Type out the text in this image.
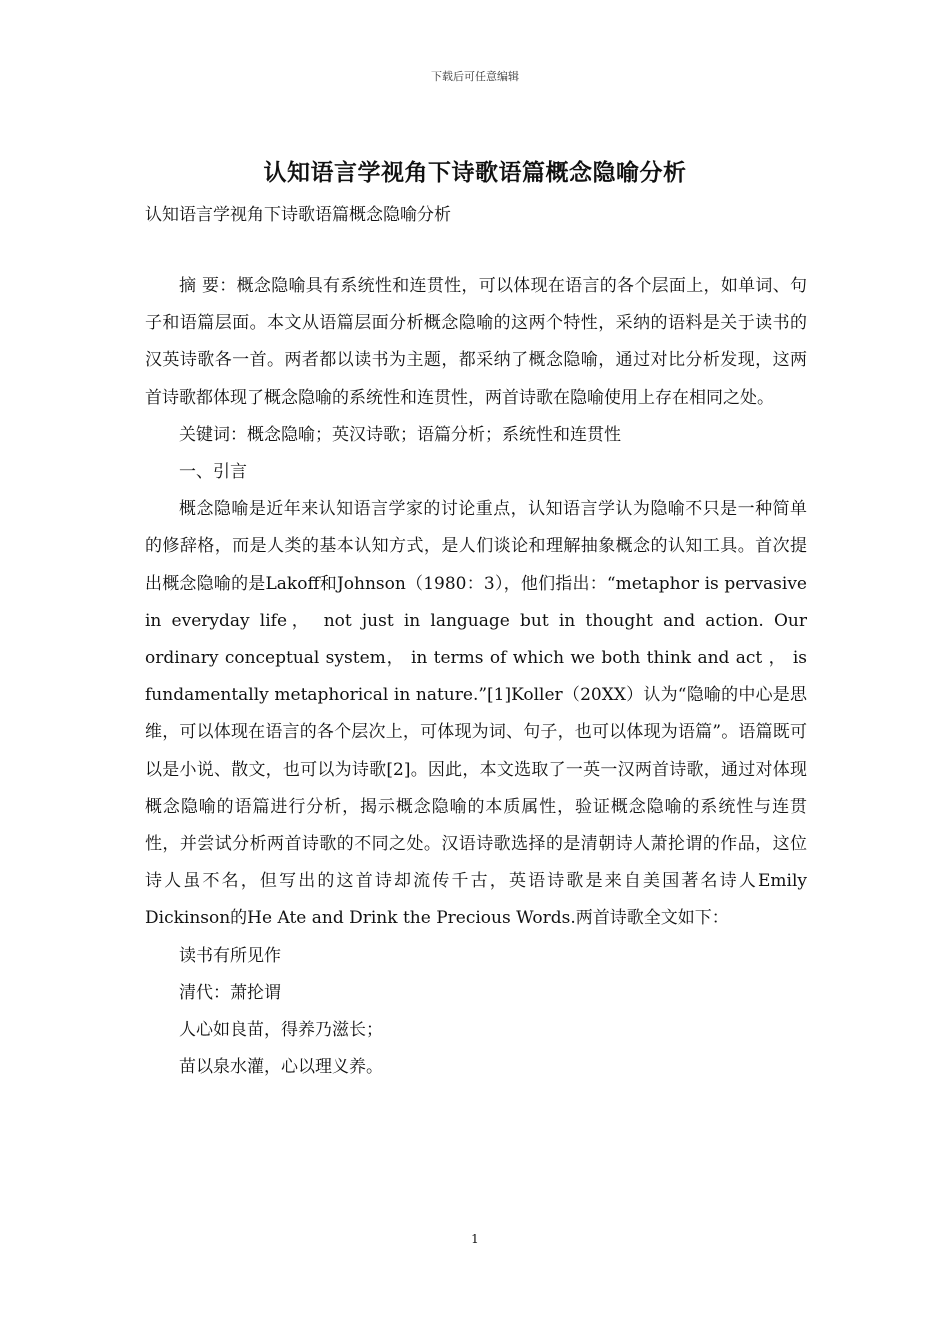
下载后可任意编辑
认知语言学视角下诗歌语篇概念隐喻分析
认知语言学视角下诗歌语篇概念隐喻分析

摘 要：概念隐喻具有系统性和连贯性，可以体现在语言的各个层面上，如单词、句子和语篇层面。本文从语篇层面分析概念隐喻的这两个特性，采纳的语料是关于读书的汉英诗歌各一首。两者都以读书为主题，都采纳了概念隐喻，通过对比分析发现，这两首诗歌都体现了概念隐喻的系统性和连贯性，两首诗歌在隐喻使用上存在相同之处。

关键词：概念隐喻；英汉诗歌；语篇分析；系统性和连贯性

一、引言

概念隐喻是近年来认知语言学家的讨论重点，认知语言学认为隐喻不只是一种简单的修辞格，而是人类的基本认知方式，是人们谈论和理解抽象概念的认知工具。首次提出概念隐喻的是Lakoff和Johnson（1980：3），他们指出：“metaphor is pervasive in everyday life， not just in language but in thought and action. Our ordinary conceptual system， in terms of which we both think and act ， is fundamentally metaphorical in nature.”[1]Koller（20XX）认为“隐喻的中心是思维，可以体现在语言的各个层次上，可体现为词、句子，也可以体现为语篇”。语篇既可以是小说、散文，也可以为诗歌[2]。因此，本文选取了一英一汉两首诗歌，通过对体现概念隐喻的语篇进行分析，揭示概念隐喻的本质属性，验证概念隐喻的系统性与连贯性，并尝试分析两首诗歌的不同之处。汉语诗歌选择的是清朝诗人萧抡谓的作品，这位诗人虽不名，但写出的这首诗却流传千古，英语诗歌是来自美国著名诗人Emily Dickinson的He Ate and Drink the Precious Words.两首诗歌全文如下：

读书有所见作

清代：萧抡谓

人心如良苗，得养乃滋长；

苗以泉水灌，心以理义养。

1
